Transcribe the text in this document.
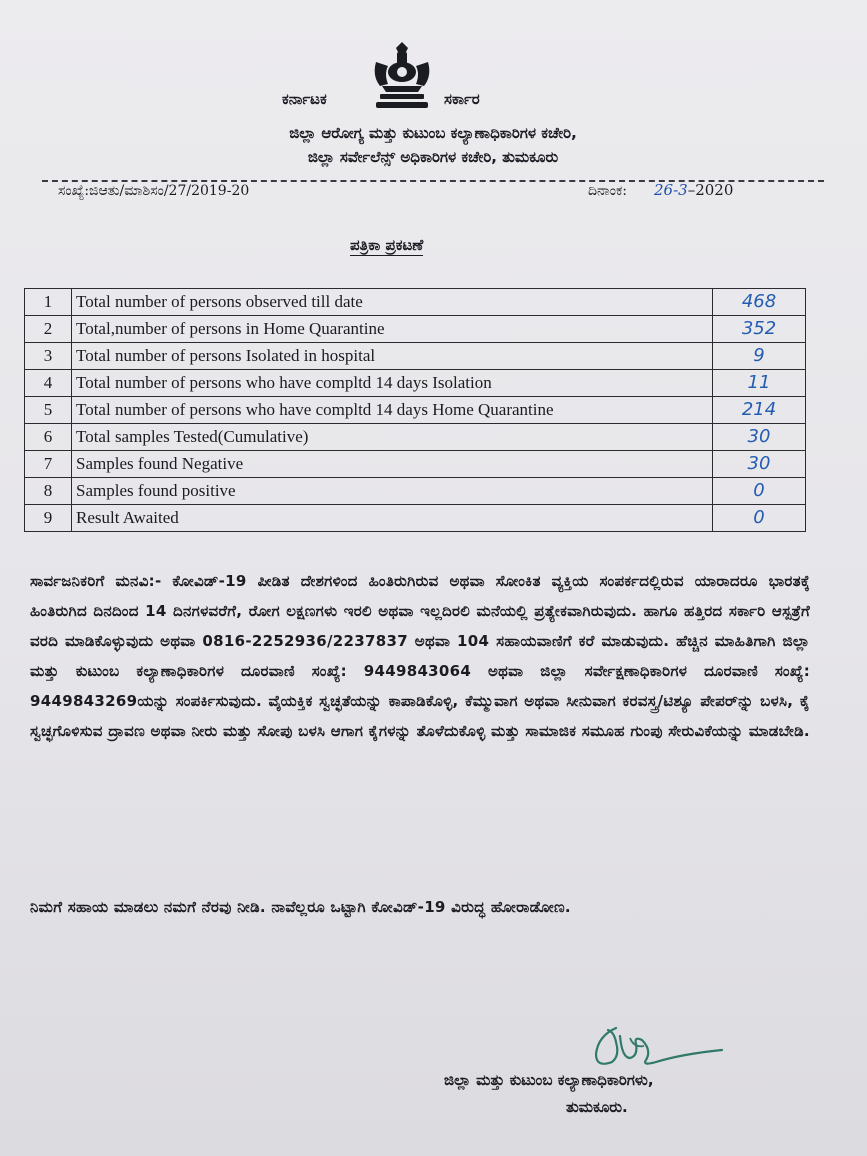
ಕರ್ನಾಟಕ	ಸರ್ಕಾರ
ಜಿಲ್ಲಾ ಆರೋಗ್ಯ ಮತ್ತು ಕುಟುಂಬ ಕಲ್ಯಾಣಾಧಿಕಾರಿಗಳ ಕಚೇರಿ,
ಜಿಲ್ಲಾ ಸರ್ವೇಲೆನ್ಸ್ ಅಧಿಕಾರಿಗಳ ಕಚೇರಿ, ತುಮಕೂರು
ಸಂಖ್ಯೆ:ಜಿಆತು/ಮಾಶಿಸಂ/27/2019-20	ದಿನಾಂಕ: 26-3–2020
ಪತ್ರಿಕಾ ಪ್ರಕಟಣೆ
1	Total number of persons observed till date	468
2	Total,number of persons in Home Quarantine	352
3	Total number of persons Isolated in hospital	9
4	Total number of persons who have compltd 14 days Isolation	11
5	Total number of persons who have compltd 14 days Home Quarantine	214
6	Total samples Tested(Cumulative)	30
7	Samples found Negative	30
8	Samples found positive	0
9	Result Awaited	0
ಸಾರ್ವಜನಿಕರಿಗೆ ಮನವಿ:- ಕೋವಿಡ್-19 ಪೀಡಿತ ದೇಶಗಳಿಂದ ಹಿಂತಿರುಗಿರುವ ಅಥವಾ ಸೋಂಕಿತ ವ್ಯಕ್ತಿಯ ಸಂಪರ್ಕದಲ್ಲಿರುವ ಯಾರಾದರೂ ಭಾರತಕ್ಕೆ ಹಿಂತಿರುಗಿದ ದಿನದಿಂದ 14 ದಿನಗಳವರೆಗೆ, ರೋಗ ಲಕ್ಷಣಗಳು ಇರಲಿ ಅಥವಾ ಇಲ್ಲದಿರಲಿ ಮನೆಯಲ್ಲಿ ಪ್ರತ್ಯೇಕವಾಗಿರುವುದು. ಹಾಗೂ ಹತ್ತಿರದ ಸರ್ಕಾರಿ ಆಸ್ಪತ್ರೆಗೆ ವರದಿ ಮಾಡಿಕೊಳ್ಳುವುದು ಅಥವಾ 0816-2252936/2237837 ಅಥವಾ 104 ಸಹಾಯವಾಣಿಗೆ ಕರೆ ಮಾಡುವುದು. ಹೆಚ್ಚಿನ ಮಾಹಿತಿಗಾಗಿ ಜಿಲ್ಲಾ ಮತ್ತು ಕುಟುಂಬ ಕಲ್ಯಾಣಾಧಿಕಾರಿಗಳ ದೂರವಾಣಿ ಸಂಖ್ಯೆ: 9449843064 ಅಥವಾ ಜಿಲ್ಲಾ ಸರ್ವೇಕ್ಷಣಾಧಿಕಾರಿಗಳ ದೂರವಾಣಿ ಸಂಖ್ಯೆ: 9449843269ಯನ್ನು ಸಂಪರ್ಕಿಸುವುದು. ವೈಯಕ್ತಿಕ ಸ್ವಚ್ಛತೆಯನ್ನು ಕಾಪಾಡಿಕೊಳ್ಳಿ, ಕೆಮ್ಮುವಾಗ ಅಥವಾ ಸೀನುವಾಗ ಕರವಸ್ತ್ರ/ಟಿಶ್ಯೂ ಪೇಪರ್‌ನ್ನು ಬಳಸಿ, ಕೈ ಸ್ವಚ್ಛಗೊಳಿಸುವ ದ್ರಾವಣ ಅಥವಾ ನೀರು ಮತ್ತು ಸೋಪು ಬಳಸಿ ಆಗಾಗ ಕೈಗಳನ್ನು ತೊಳೆದುಕೊಳ್ಳಿ ಮತ್ತು ಸಾಮಾಜಿಕ ಸಮೂಹ ಗುಂಪು ಸೇರುವಿಕೆಯನ್ನು ಮಾಡಬೇಡಿ.
ನಿಮಗೆ ಸಹಾಯ ಮಾಡಲು ನಮಗೆ ನೆರವು ನೀಡಿ. ನಾವೆಲ್ಲರೂ ಒಟ್ಟಾಗಿ ಕೋವಿಡ್-19 ವಿರುದ್ಧ ಹೋರಾಡೋಣ.
ಜಿಲ್ಲಾ ಮತ್ತು ಕುಟುಂಬ ಕಲ್ಯಾಣಾಧಿಕಾರಿಗಳು,
ತುಮಕೂರು.
